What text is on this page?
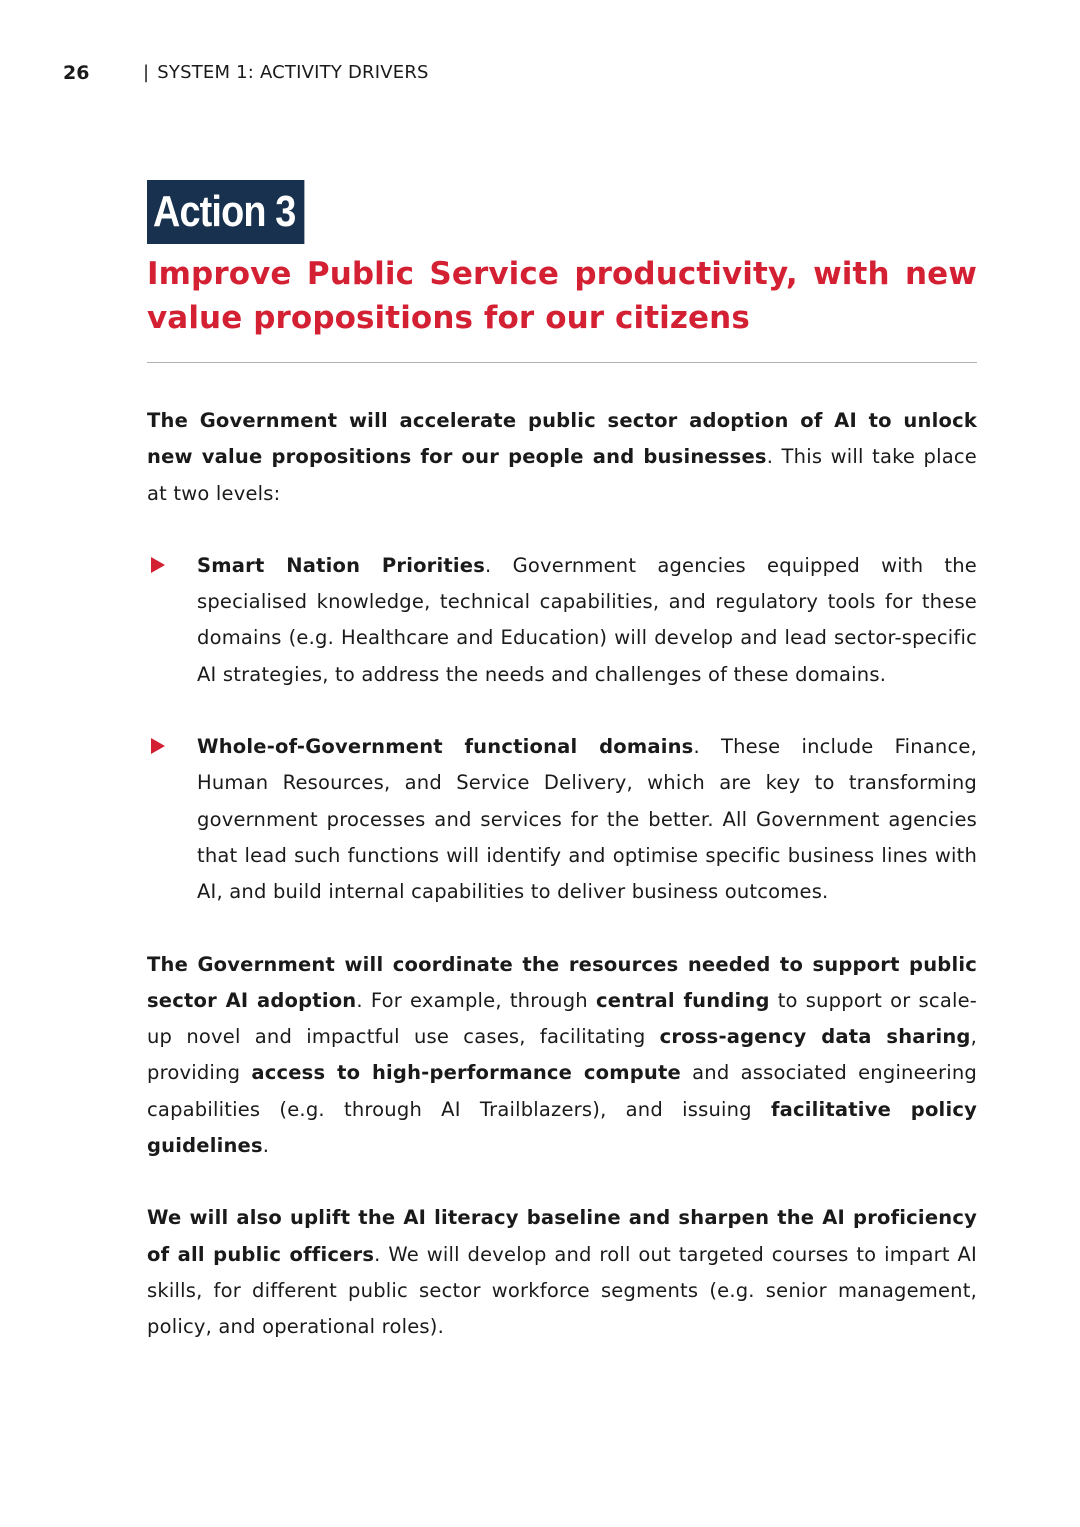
26	| SYSTEM 1: ACTIVITY DRIVERS
Action 3
Improve Public Service productivity, with new value propositions for our citizens

The Government will accelerate public sector adoption of AI to unlock new value propositions for our people and businesses. This will take place at two levels:

Smart Nation Priorities. Government agencies equipped with the specialised knowledge, technical capabilities, and regulatory tools for these domains (e.g. Healthcare and Education) will develop and lead sector-specific AI strategies, to address the needs and challenges of these domains.
Whole-of-Government functional domains. These include Finance, Human Resources, and Service Delivery, which are key to transforming government processes and services for the better. All Government agencies that lead such functions will identify and optimise specific business lines with AI, and build internal capabilities to deliver business outcomes.

The Government will coordinate the resources needed to support public sector AI adoption. For example, through central funding to support or scale-up novel and impactful use cases, facilitating cross-agency data sharing, providing access to high-performance compute and associated engineering capabilities (e.g. through AI Trailblazers), and issuing facilitative policy guidelines.

We will also uplift the AI literacy baseline and sharpen the AI proficiency of all public officers. We will develop and roll out targeted courses to impart AI skills, for different public sector workforce segments (e.g. senior management, policy, and operational roles).
